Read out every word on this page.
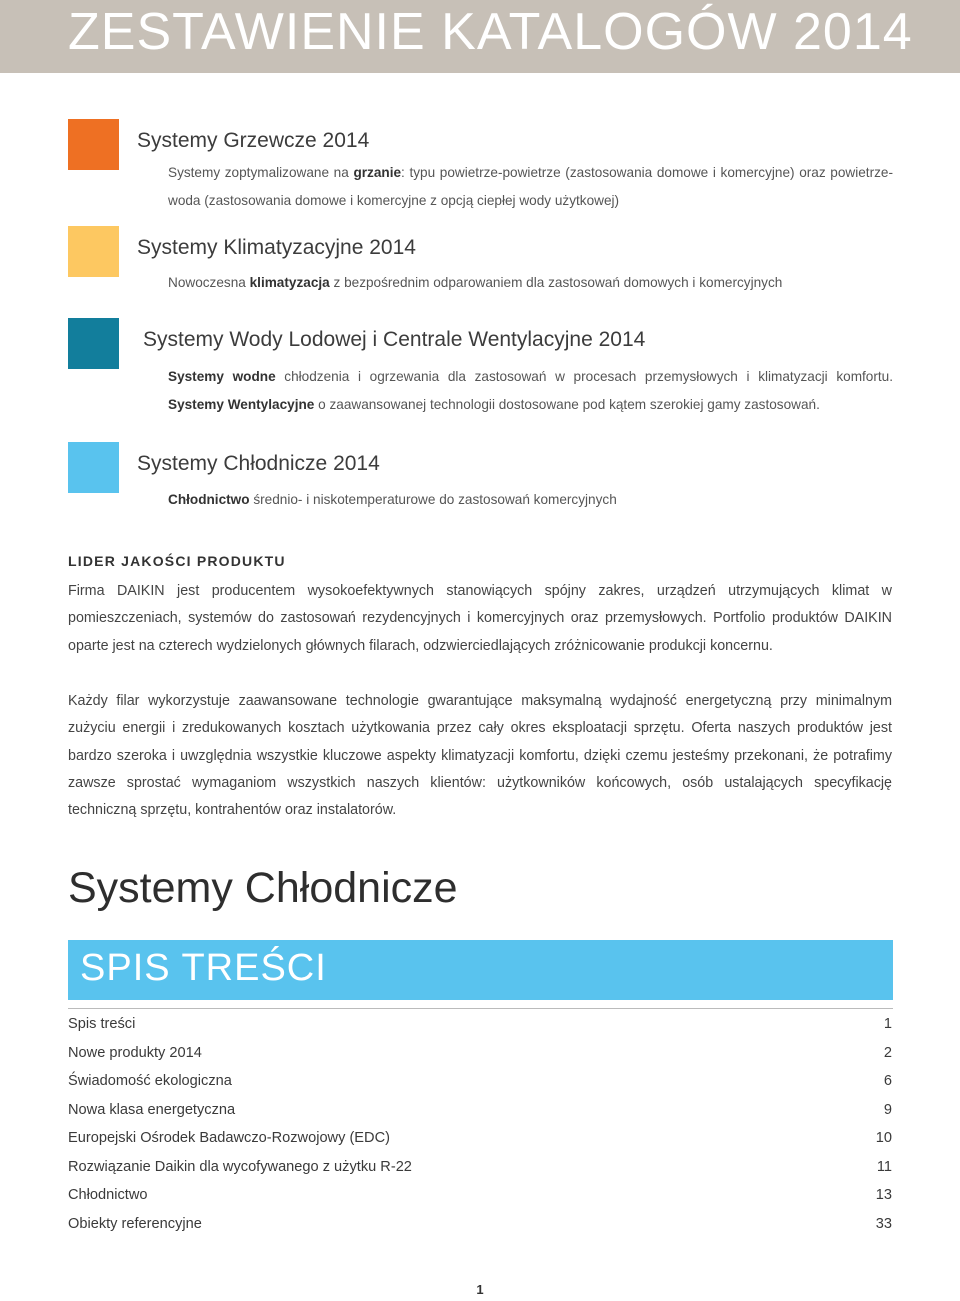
ZESTAWIENIE KATALOGÓW 2014
Systemy Grzewcze 2014

Systemy zoptymalizowane na grzanie: typu powietrze-powietrze (zastosowania domowe i komercyjne) oraz powietrze-woda (zastosowania domowe i komercyjne z opcją ciepłej wody użytkowej)

Systemy Klimatyzacyjne 2014

Nowoczesna klimatyzacja z bezpośrednim odparowaniem dla zastosowań domowych i komercyjnych

Systemy Wody Lodowej i Centrale Wentylacyjne 2014

Systemy wodne chłodzenia i ogrzewania dla zastosowań w procesach przemysłowych i klimatyzacji komfortu. Systemy Wentylacyjne o zaawansowanej technologii dostosowane pod kątem szerokiej gamy zastosowań.

Systemy Chłodnicze 2014

Chłodnictwo średnio- i niskotemperaturowe do zastosowań komercyjnych

LIDER JAKOŚCI PRODUKTU

Firma DAIKIN jest producentem wysokoefektywnych stanowiących spójny zakres, urządzeń utrzymujących klimat w pomieszczeniach, systemów do zastosowań rezydencyjnych i komercyjnych oraz przemysłowych. Portfolio produktów DAIKIN oparte jest na czterech wydzielonych głównych filarach, odzwierciedlających zróżnicowanie produkcji koncernu.

Każdy filar wykorzystuje zaawansowane technologie gwarantujące maksymalną wydajność energetyczną przy minimalnym zużyciu energii i zredukowanych kosztach użytkowania przez cały okres eksploatacji sprzętu. Oferta naszych produktów jest bardzo szeroka i uwzględnia wszystkie kluczowe aspekty klimatyzacji komfortu, dzięki czemu jesteśmy przekonani, że potrafimy zawsze sprostać wymaganiom wszystkich naszych klientów: użytkowników końcowych, osób ustalających specyfikację techniczną sprzętu, kontrahentów oraz instalatorów.

Systemy Chłodnicze
SPIS TREŚCI
Spis treści	1
Nowe produkty 2014	2
Świadomość ekologiczna	6
Nowa klasa energetyczna	9
Europejski Ośrodek Badawczo-Rozwojowy (EDC)	10
Rozwiązanie Daikin dla wycofywanego z użytku R-22	11
Chłodnictwo	13
Obiekty referencyjne	33
1
